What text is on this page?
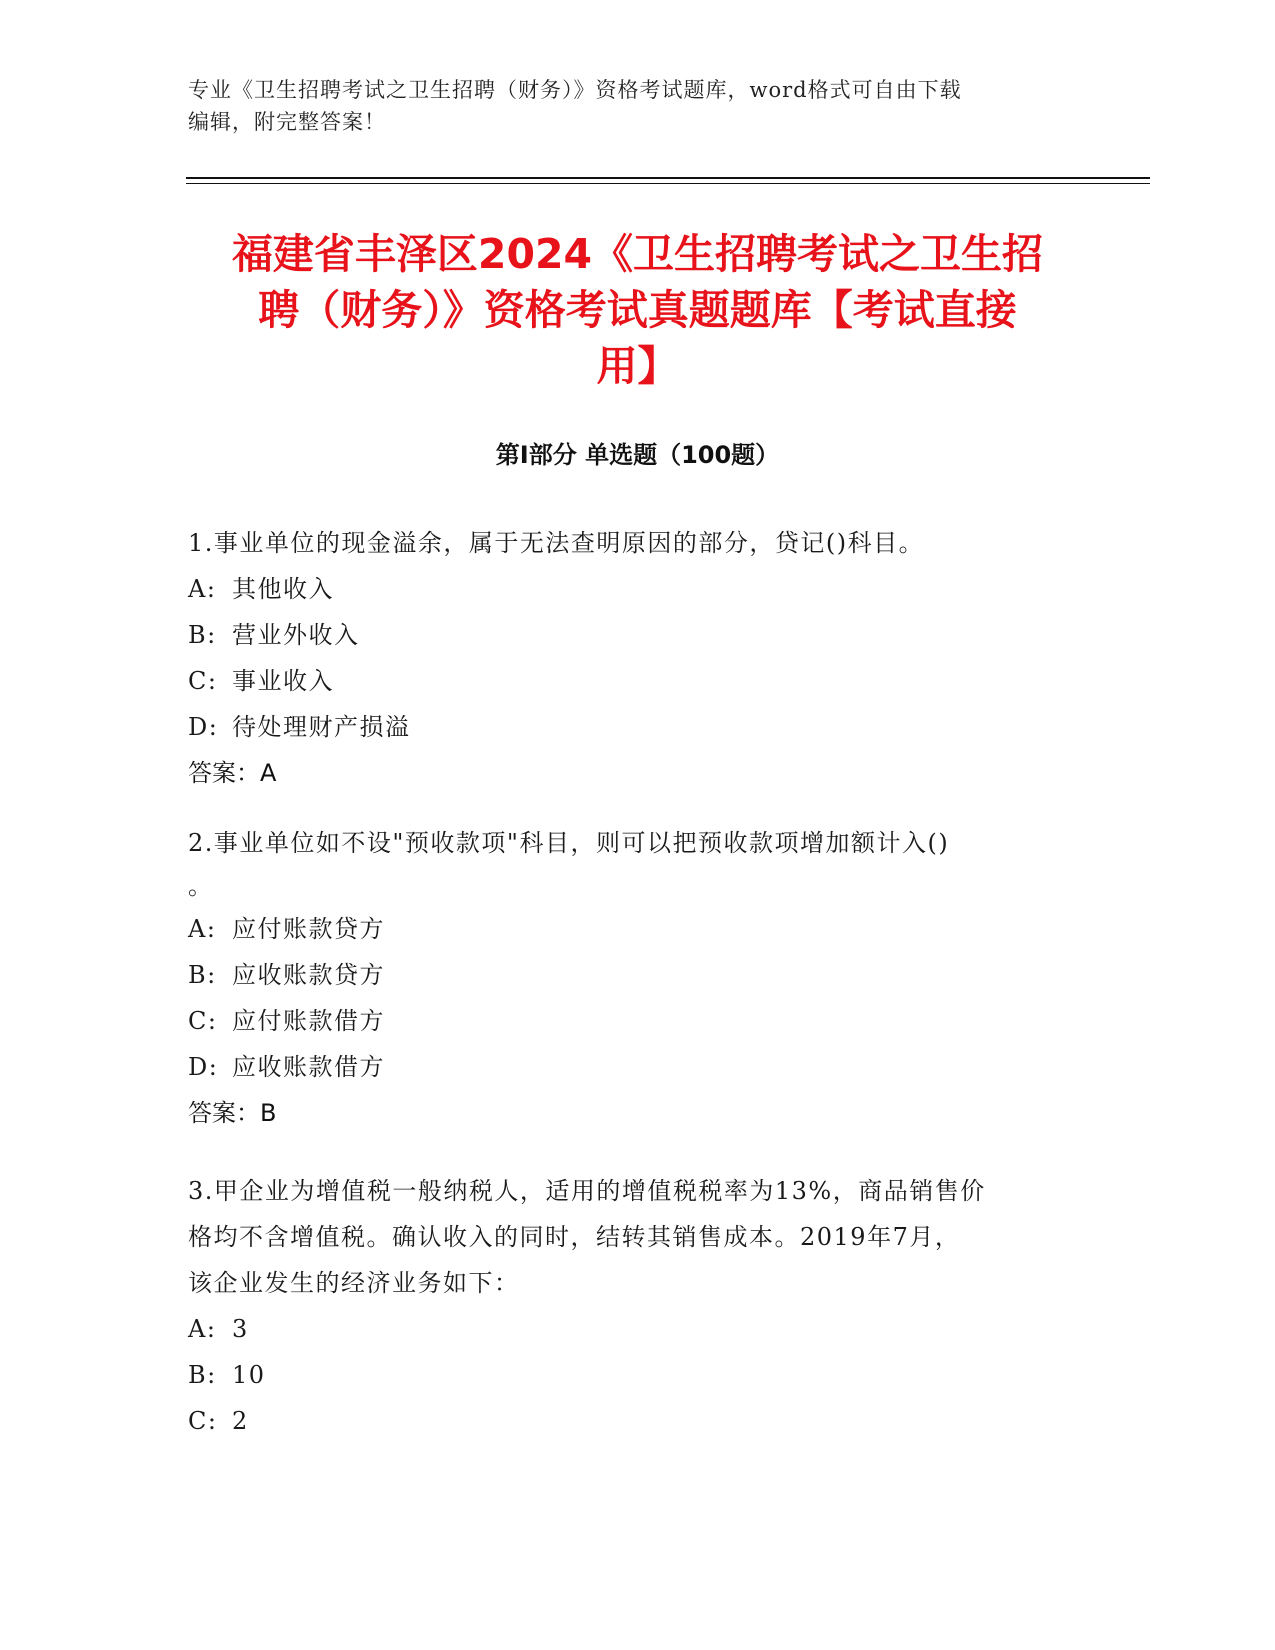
专业《卫生招聘考试之卫生招聘（财务）》资格考试题库，word格式可自由下载
编辑，附完整答案！
福建省丰泽区2024《卫生招聘考试之卫生招
聘（财务）》资格考试真题题库【考试直接
用】
第Ⅰ部分 单选题（100题）

1.事业单位的现金溢余，属于无法查明原因的部分，贷记()科目。

A: 其他收入

B: 营业外收入

C: 事业收入

D: 待处理财产损溢

答案：A

2.事业单位如不设"预收款项"科目，则可以把预收款项增加额计入()

。

A: 应付账款贷方

B: 应收账款贷方

C: 应付账款借方

D: 应收账款借方

答案：B

3.甲企业为增值税一般纳税人，适用的增值税税率为13%，商品销售价

格均不含增值税。确认收入的同时，结转其销售成本。2019年7月，

该企业发生的经济业务如下：

A: 3

B: 10

C: 2
